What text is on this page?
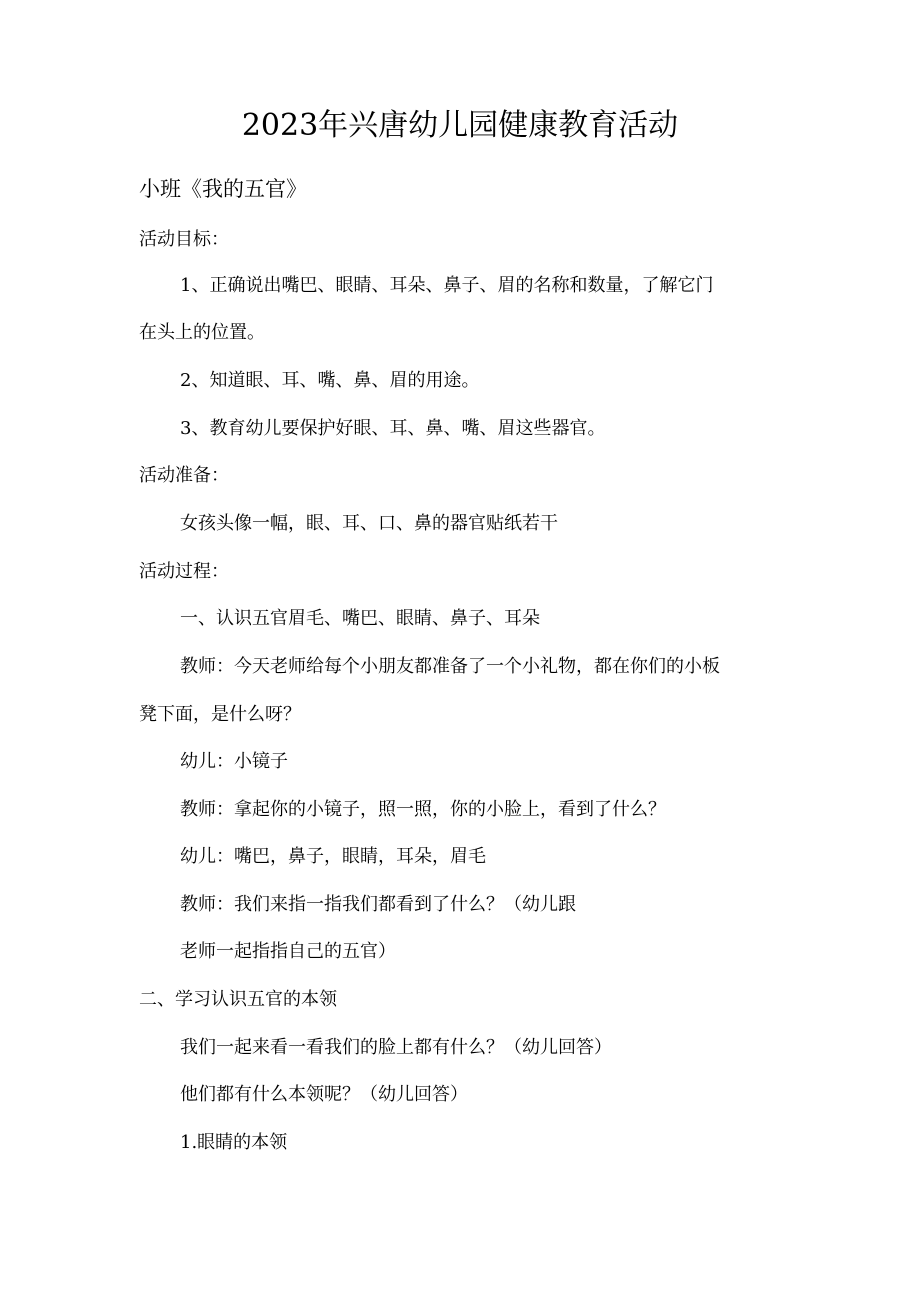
2023年兴唐幼儿园健康教育活动
小班《我的五官》
活动目标：
1、正确说出嘴巴、眼睛、耳朵、鼻子、眉的名称和数量，了解它门
在头上的位置。
2、知道眼、耳、嘴、鼻、眉的用途。
3、教育幼儿要保护好眼、耳、鼻、嘴、眉这些器官。
活动准备：
女孩头像一幅，眼、耳、口、鼻的器官贴纸若干
活动过程：
一、认识五官眉毛、嘴巴、眼睛、鼻子、耳朵
教师：今天老师给每个小朋友都准备了一个小礼物，都在你们的小板
凳下面，是什么呀？
幼儿：小镜子
教师：拿起你的小镜子，照一照，你的小脸上，看到了什么？
幼儿：嘴巴，鼻子，眼睛，耳朵，眉毛
教师：我们来指一指我们都看到了什么？（幼儿跟
老师一起指指自己的五官）
二、学习认识五官的本领
我们一起来看一看我们的脸上都有什么？（幼儿回答）
他们都有什么本领呢？（幼儿回答）
1.眼睛的本领
